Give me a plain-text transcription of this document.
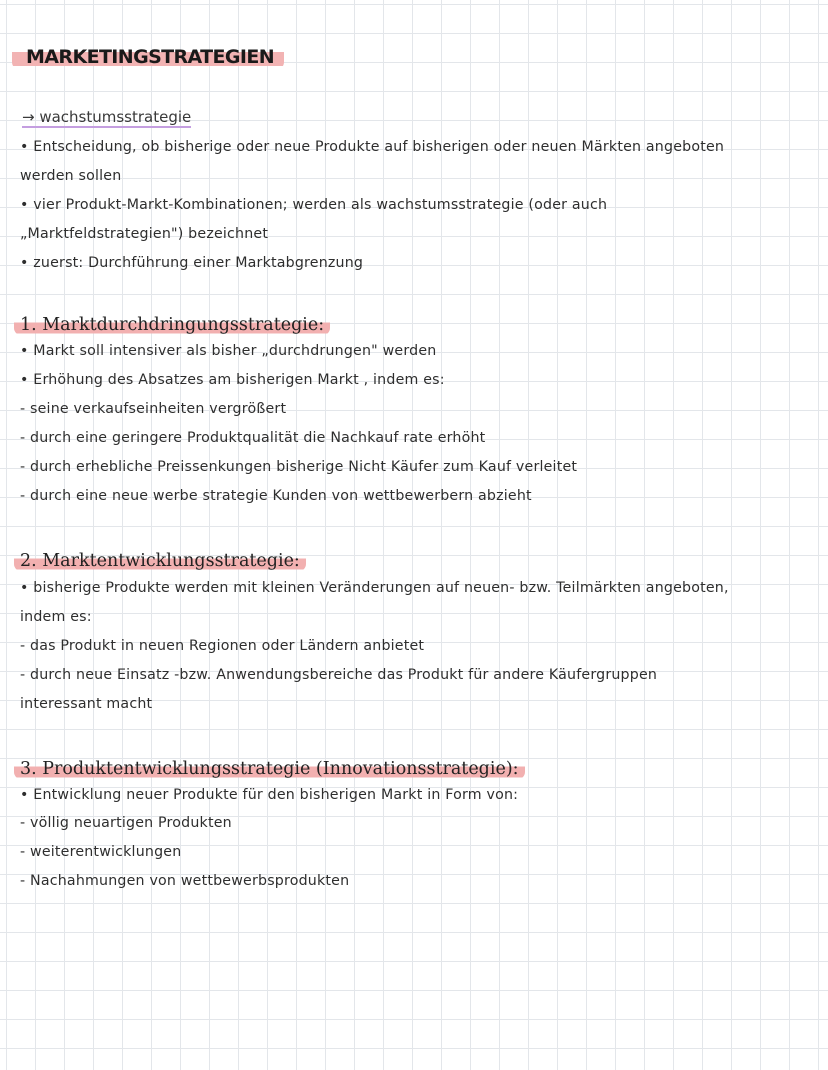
MARKETINGSTRATEGIEN
→ wachstumsstrategie
• Entscheidung, ob bisherige oder neue Produkte auf bisherigen oder neuen Märkten angeboten
werden sollen
• vier Produkt-Markt-Kombinationen; werden als wachstumsstrategie (oder auch
„Marktfeldstrategien") bezeichnet
• zuerst: Durchführung einer Marktabgrenzung
1. Marktdurchdringungsstrategie:
• Markt soll intensiver als bisher „durchdrungen" werden
• Erhöhung des Absatzes am bisherigen Markt , indem es:
- seine verkaufseinheiten vergrößert
- durch eine geringere Produktqualität die Nachkauf rate erhöht
- durch erhebliche Preissenkungen bisherige Nicht Käufer zum Kauf verleitet
- durch eine neue werbe strategie Kunden von wettbewerbern abzieht
2. Marktentwicklungsstrategie:
• bisherige Produkte werden mit kleinen Veränderungen auf neuen- bzw. Teilmärkten angeboten,
indem es:
- das Produkt in neuen Regionen oder Ländern anbietet
- durch neue Einsatz -bzw. Anwendungsbereiche das Produkt für andere Käufergruppen
interessant macht
3. Produktentwicklungsstrategie (Innovationsstrategie):
• Entwicklung neuer Produkte für den bisherigen Markt in Form von:
- völlig neuartigen Produkten
- weiterentwicklungen
- Nachahmungen von wettbewerbsprodukten
